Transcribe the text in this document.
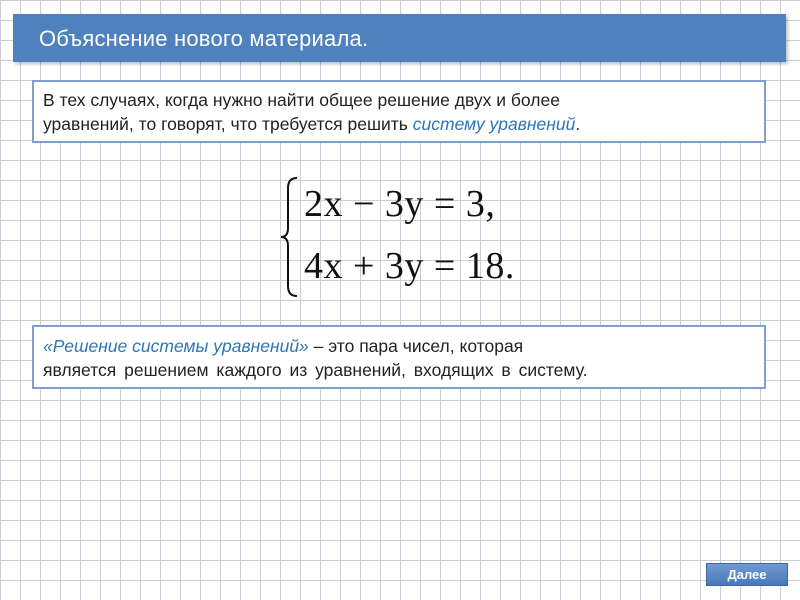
Объяснение нового материала.
В тех случаях, когда нужно найти общее решение двух и более
уравнений, то говорят, что требуется решить систему уравнений.
2x − 3y = 3,
4x + 3y = 18.
«Решение системы уравнений» – это пара чисел, которая
является решением каждого из уравнений, входящих в систему.
Далее
